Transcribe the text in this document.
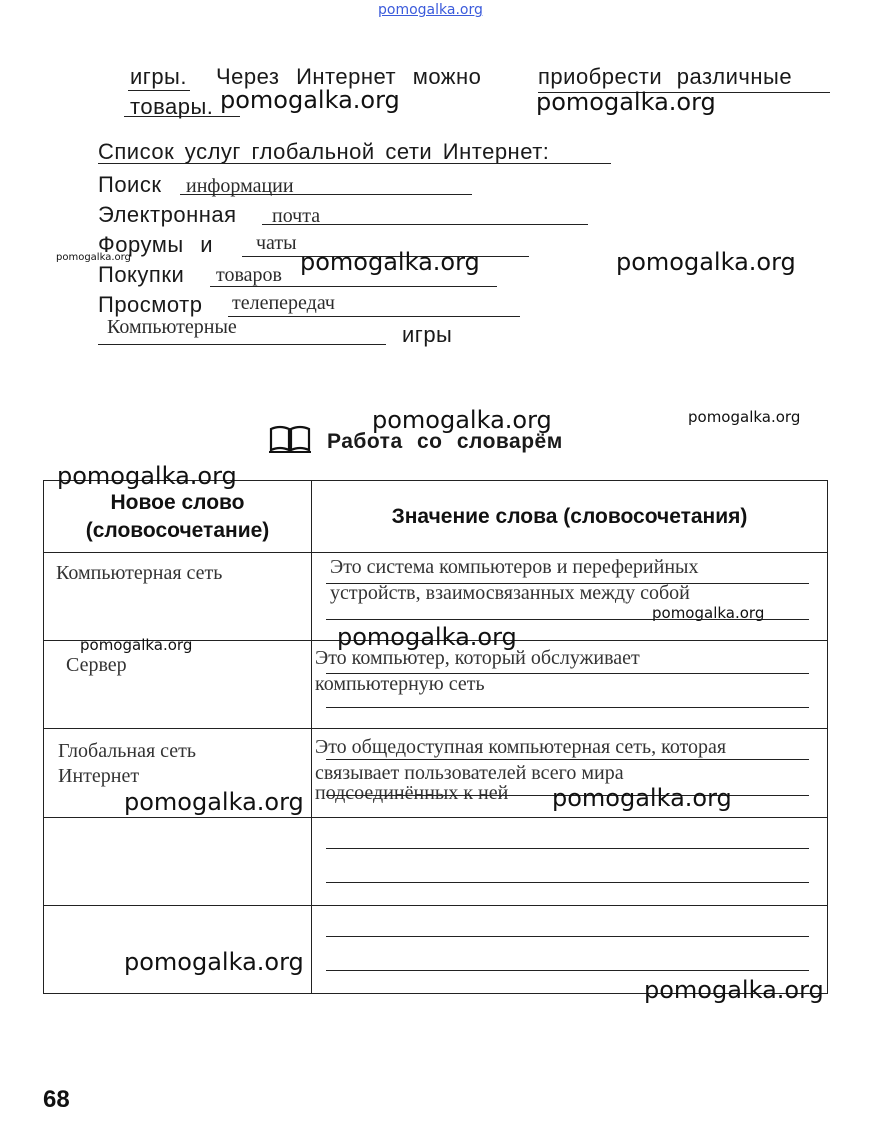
pomogalka.org
игры. Через Интернет можно	приобрести различные
товары.
Список услуг глобальной сети Интернет:
Поиск информации
Электронная почта
Форумы и чаты
Покупки товаров
Просмотр телепередач
Компьютерные	игры
Работа со словарём
Новое слово (словосочетание)	Значение слова (словосочетания)

Компьютерная сеть	Это система компьютеров и переферийных
устройств, взаимосвязанных между собой

Сервер	Это компьютер, который обслуживает
компьютерную сеть

Глобальная сеть Интернет	Это общедоступная компьютерная сеть, которая
связывает пользователей всего мира
подсоединённых к ней

pomogalka.org	pomogalka.org
pomogalka.org	pomogalka.org	pomogalka.org
pomogalka.org	pomogalka.org
pomogalka.org
pomogalka.org
pomogalka.org	pomogalka.org
pomogalka.org	pomogalka.org
pomogalka.org
pomogalka.org
68
